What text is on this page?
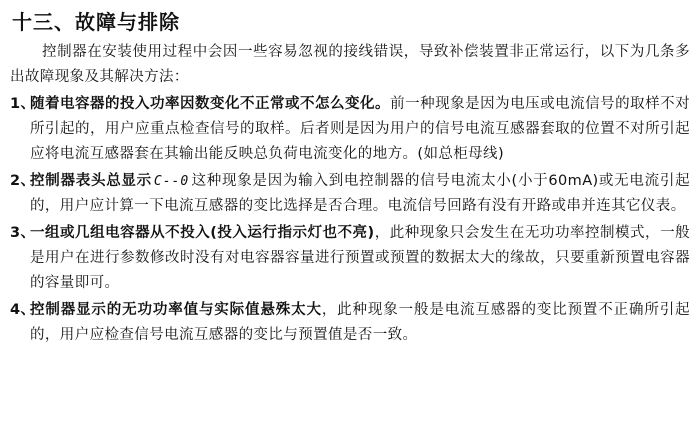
十三、故障与排除
控制器在安装使用过程中会因一些容易忽视的接线错误，导致补偿装置非正常运行，以下为几条多出故障现象及其解决方法：
1、
随着电容器的投入功率因数变化不正常或不怎么变化。前一种现象是因为电压或电流信号的取样不对所引起的，用户应重点检查信号的取样。后者则是因为用户的信号电流互感器套取的位置不对所引起应将电流互感器套在其输出能反映总负荷电流变化的地方。(如总柜母线)
2、
控制器表头总显示 C--0 这种现象是因为输入到电控制器的信号电流太小(小于60mA)或无电流引起的，用户应计算一下电流互感器的变比选择是否合理。电流信号回路有没有开路或串并连其它仪表。
3、
一组或几组电容器从不投入(投入运行指示灯也不亮)，此种现象只会发生在无功功率控制模式，一般是用户在进行参数修改时没有对电容器容量进行预置或预置的数据太大的缘故，只要重新预置电容器的容量即可。
4、
控制器显示的无功功率值与实际值悬殊太大，此种现象一般是电流互感器的变比预置不正确所引起的，用户应检查信号电流互感器的变比与预置值是否一致。
